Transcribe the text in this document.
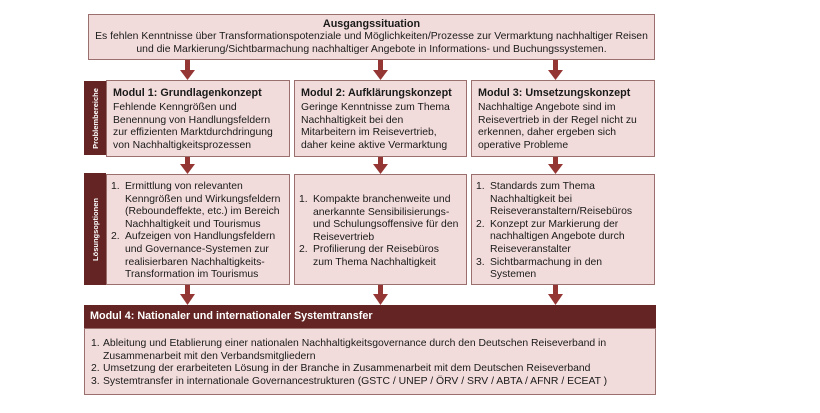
Ausgangssituation
Es fehlen Kenntnisse über Transformationspotenziale und Möglichkeiten/Prozesse zur Vermarktung nachhaltiger Reisen
und die Markierung/Sichtbarmachung nachhaltiger Angebote in Informations- und Buchungssystemen.
Problembereiche
Lösungsoptionen
Modul 1: Grundlagenkonzept
Fehlende Kenngrößen und
Benennung von Handlungsfeldern
zur effizienten Marktdurchdringung
von Nachhaltigkeitsprozessen
Modul 2: Aufklärungskonzept
Geringe Kenntnisse zum Thema
Nachhaltigkeit bei den
Mitarbeitern im Reisevertrieb,
daher keine aktive Vermarktung
Modul 3: Umsetzungskonzept
Nachhaltige Angebote sind im
Reisevertrieb in der Regel nicht zu
erkennen, daher ergeben sich
operative Probleme
1. Ermittlung von relevanten
Kenngrößen und Wirkungsfeldern
(Reboundeffekte, etc.) im Bereich
Nachhaltigkeit und Tourismus
2. Aufzeigen von Handlungsfeldern
und Governance-Systemen zur
realisierbaren Nachhaltigkeits-
Transformation im Tourismus
1. Kompakte branchenweite und
anerkannte Sensibilisierungs-
und Schulungsoffensive für den
Reisevertrieb
2. Profilierung der Reisebüros
zum Thema Nachhaltigkeit
1. Standards zum Thema
Nachhaltigkeit bei
Reiseveranstaltern/Reisebüros
2. Konzept zur Markierung der
nachhaltigen Angebote durch
Reiseveranstalter
3. Sichtbarmachung in den
Systemen
Modul 4: Nationaler und internationaler Systemtransfer
1. Ableitung und Etablierung einer nationalen Nachhaltigkeitsgovernance durch den Deutschen Reiseverband in
Zusammenarbeit mit den Verbandsmitgliedern
2. Umsetzung der erarbeiteten Lösung in der Branche in Zusammenarbeit mit dem Deutschen Reiseverband
3. Systemtransfer in internationale Governancestrukturen (GSTC / UNEP / ÖRV / SRV / ABTA / AFNR / ECEAT )
